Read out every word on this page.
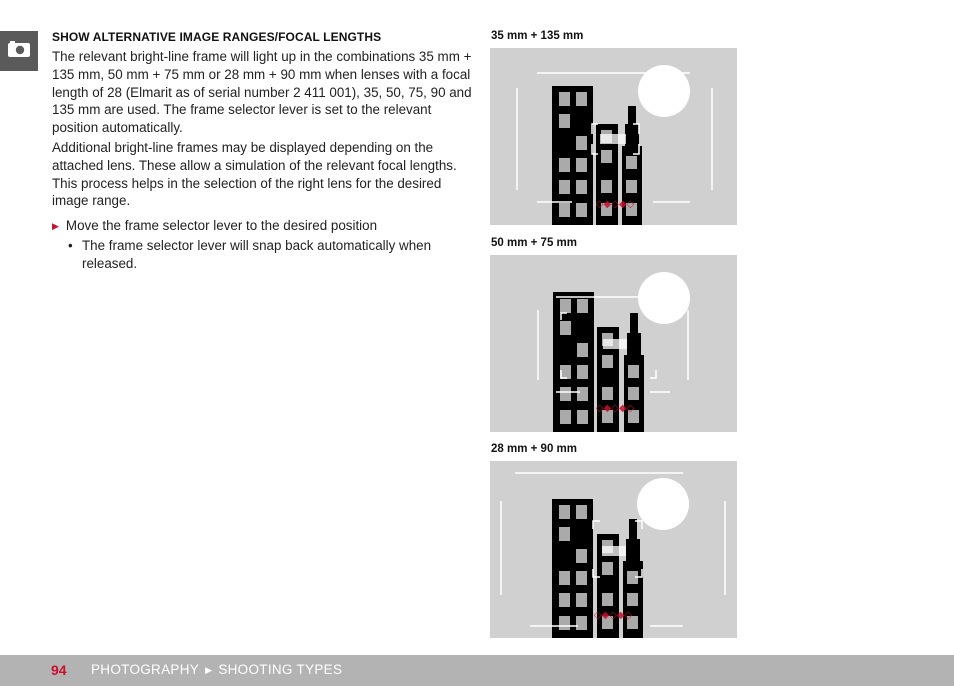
SHOW ALTERNATIVE IMAGE RANGES/FOCAL LENGTHS

The relevant bright-line frame will light up in the combinations 35 mm + 135 mm, 50 mm + 75 mm or 28 mm + 90 mm when lenses with a focal length of 28 (Elmarit as of serial number 2 411 001), 35, 50, 75, 90 and 135 mm are used. The frame selector lever is set to the relevant position automatically.

Additional bright-line frames may be displayed depending on the attached lens. These allow a simulation of the relevant focal lengths. This process helps in the selection of the right lens for the desired image range.

▶ Move the frame selector lever to the desired position
• The frame selector lever will snap back automatically when released.
35 mm + 135 mm
◇◆◇◆◇
50 mm + 75 mm
◇◆◇◆◇
28 mm + 90 mm
◇◆◇◆◇
94 PHOTOGRAPHY ▶ SHOOTING TYPES
